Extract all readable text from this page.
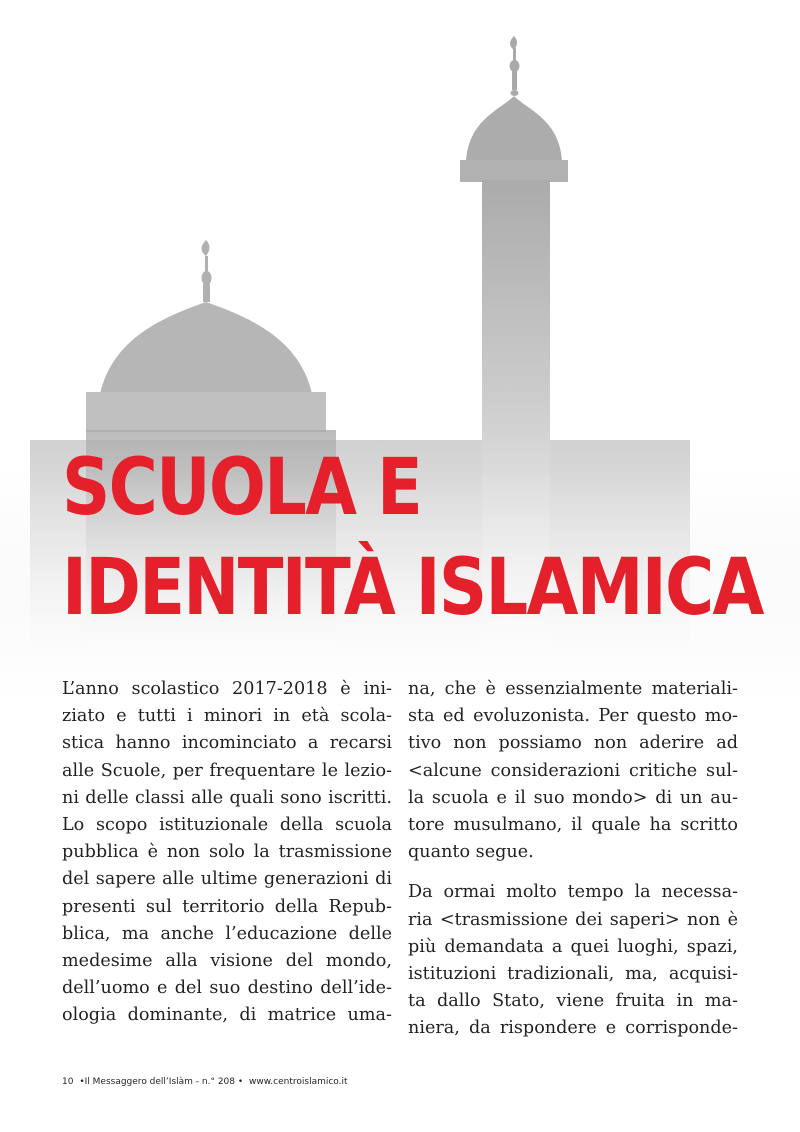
SCUOLA E
IDENTITÀ ISLAMICA

L’anno scolastico 2017-2018 è ini-
ziato e tutti i minori in età scola-
stica hanno incominciato a recarsi
alle Scuole, per frequentare le lezio-
ni delle classi alle quali sono iscritti.
Lo scopo istituzionale della scuola
pubblica è non solo la trasmissione
del sapere alle ultime generazioni di
presenti sul territorio della Repub-
blica, ma anche l’educazione delle
medesime alla visione del mondo,
dell’uomo e del suo destino dell’ide-
ologia dominante, di matrice uma-

na, che è essenzialmente materiali-
sta ed evoluzonista. Per questo mo-
tivo non possiamo non aderire ad
<alcune considerazioni critiche sul-
la scuola e il suo mondo> di un au-
tore musulmano, il quale ha scritto
quanto segue.

Da ormai molto tempo la necessa-
ria <trasmissione dei saperi> non è
più demandata a quei luoghi, spazi,
istituzioni tradizionali, ma, acquisi-
ta dallo Stato, viene fruita in ma-
niera, da rispondere e corrisponde-

10 •Il Messaggero dell’Islàm - n.° 208 • www.centroislamico.it
